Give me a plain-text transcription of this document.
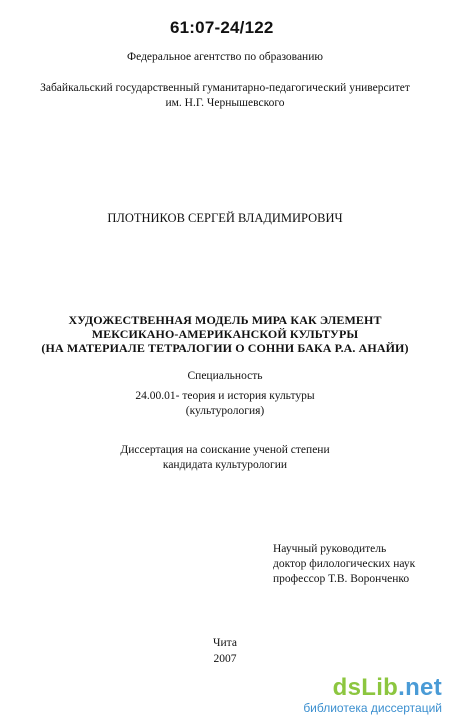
61:07-24/122
Федеральное агентство по образованию
Забайкальский государственный гуманитарно-педагогический университет
им. Н.Г. Чернышевского
ПЛОТНИКОВ СЕРГЕЙ ВЛАДИМИРОВИЧ
ХУДОЖЕСТВЕННАЯ МОДЕЛЬ МИРА КАК ЭЛЕМЕНТ
МЕКСИКАНО-АМЕРИКАНСКОЙ КУЛЬТУРЫ
(НА МАТЕРИАЛЕ ТЕТРАЛОГИИ О СОННИ БАКА Р.А. АНАЙИ)
Специальность
24.00.01- теория и история культуры
(культурология)
Диссертация на соискание ученой степени
кандидата культурологии
Научный руководитель
доктор филологических наук
профессор Т.В. Воронченко
Чита
2007
dsLib.net
библиотека диссертаций
